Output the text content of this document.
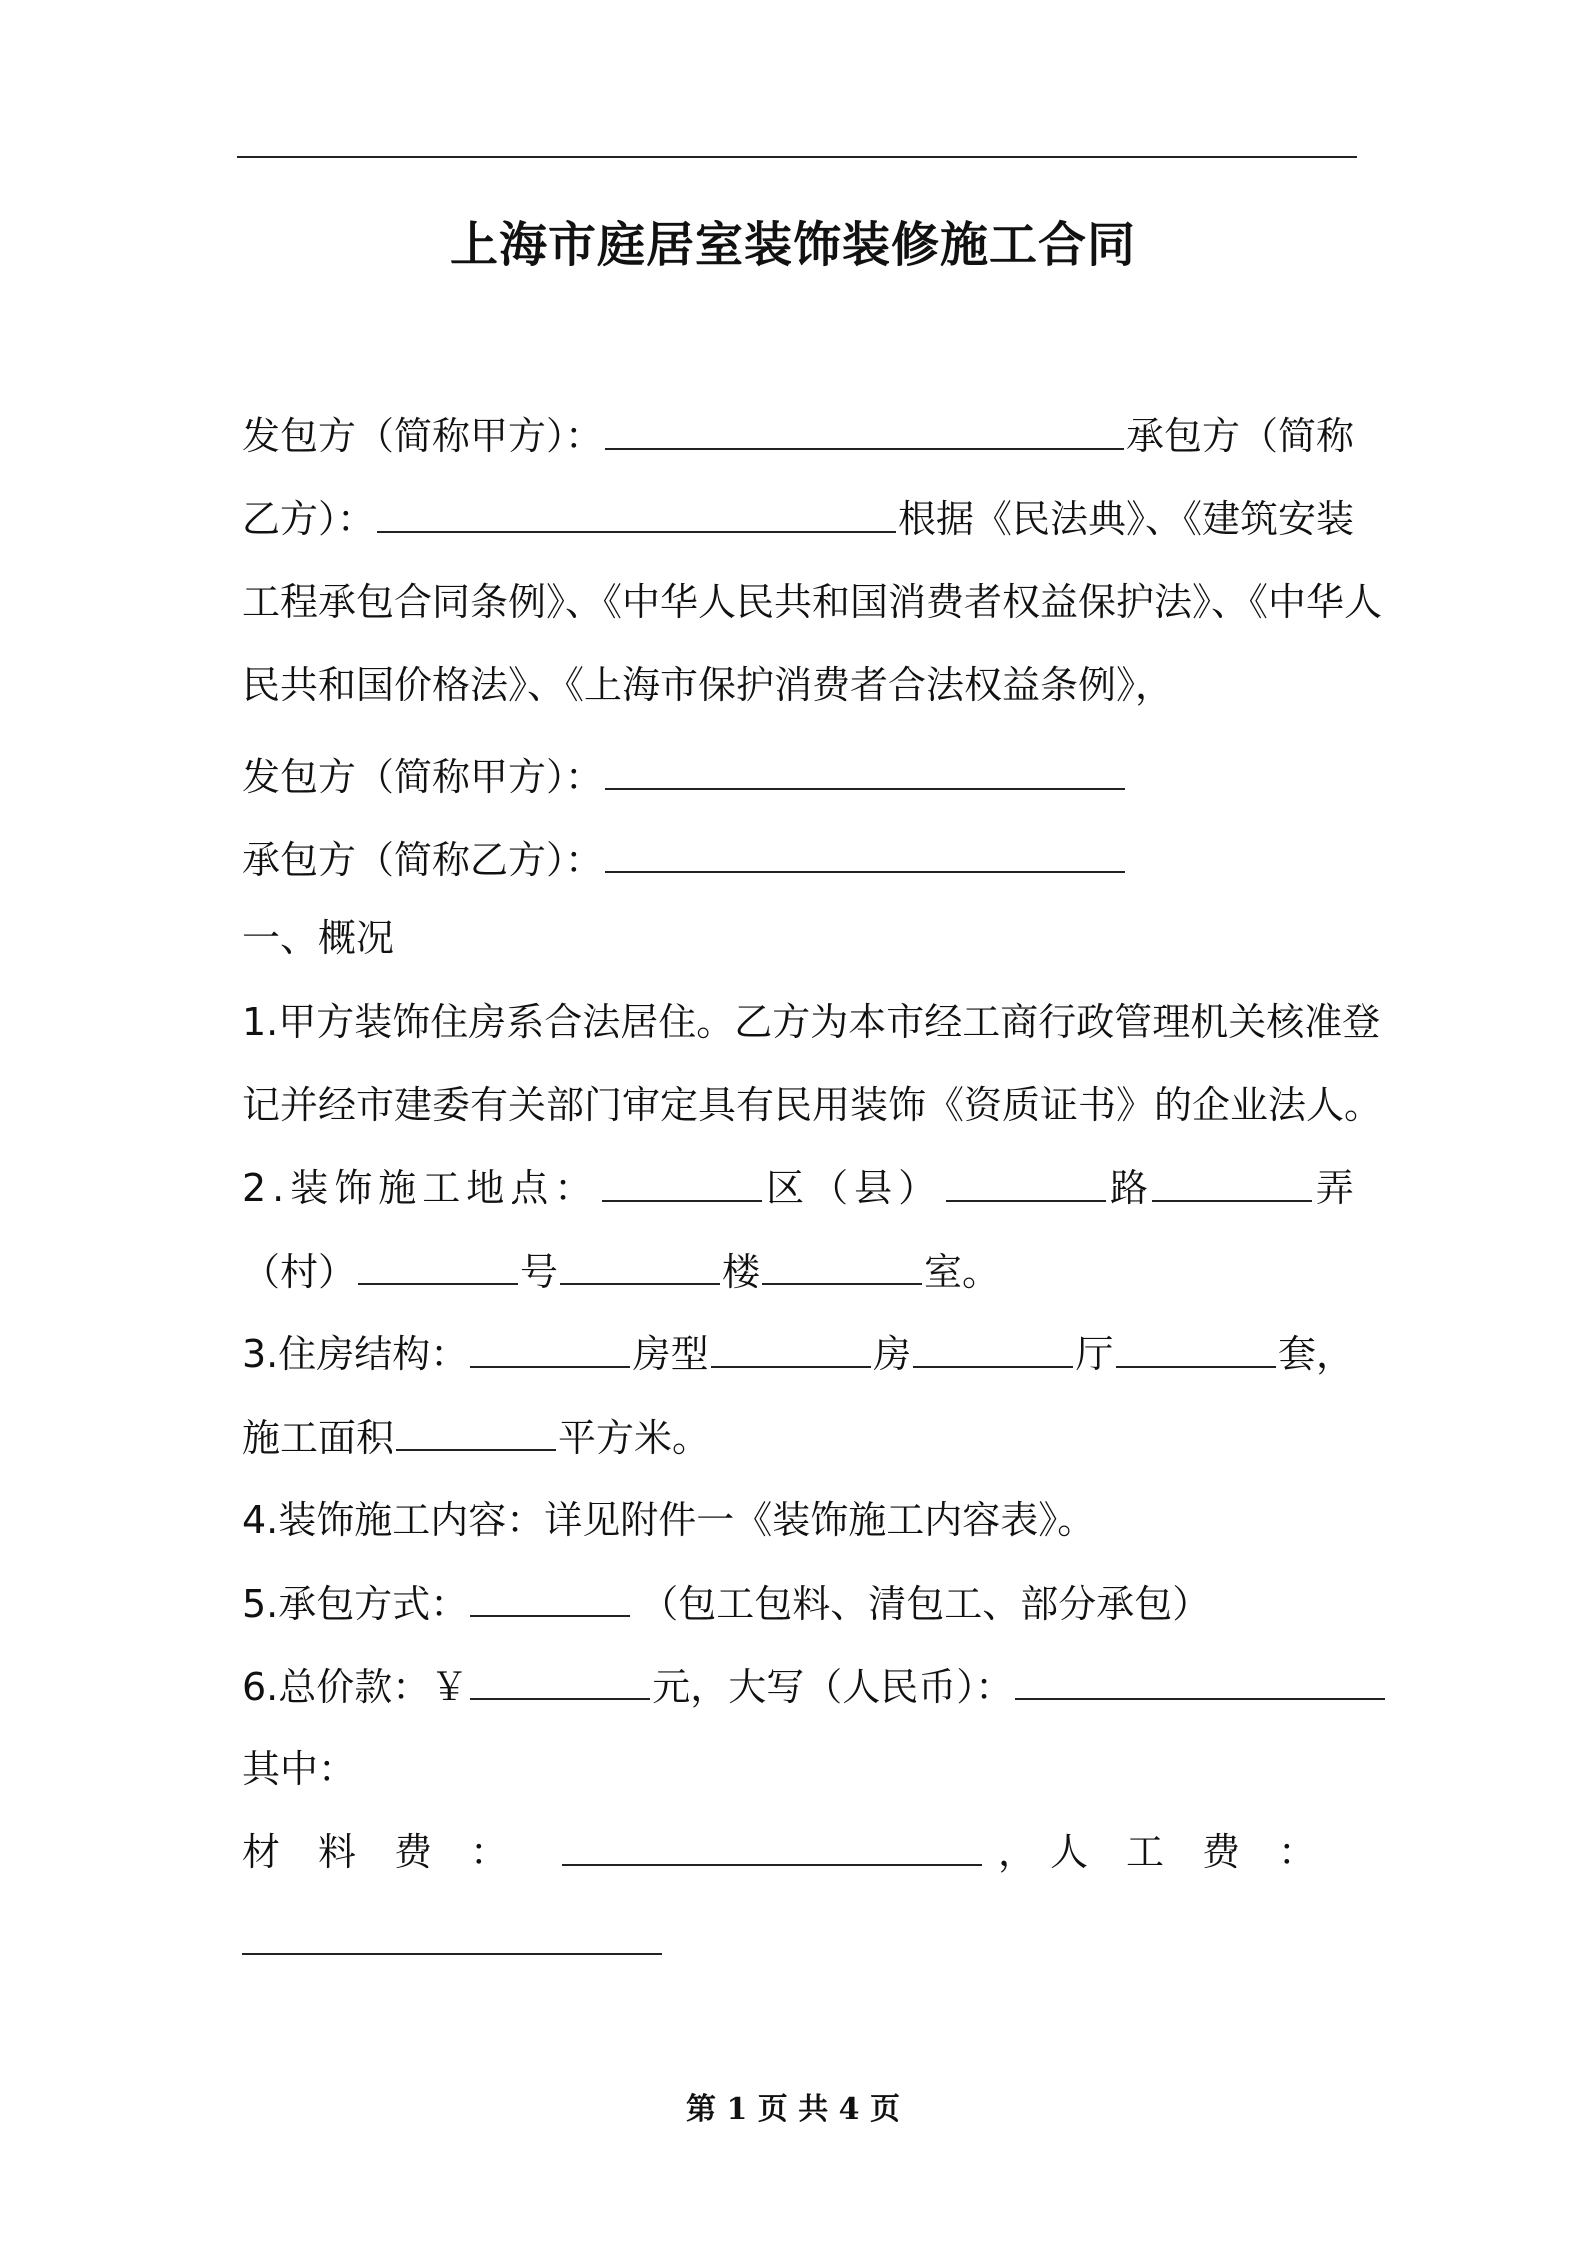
上海市庭居室装饰装修施工合同
发包方（简称甲方）：	承包方（简称
乙方）：	根据《民法典》、《建筑安装
工程承包合同条例》、《中华人民共和国消费者权益保护法》、《中华人
民共和国价格法》、《上海市保护消费者合法权益条例》，
发包方（简称甲方）：
承包方（简称乙方）：
一、概况
1.甲方装饰住房系合法居住。乙方为本市经工商行政管理机关核准登
记并经市建委有关部门审定具有民用装饰《资质证书》的企业法人。
2.装饰施工地点：	区（县）	路	弄
（村）	号	楼	室。
3.住房结构：	房型	房	厅	套，
施工面积	平方米。
4.装饰施工内容：详见附件一《装饰施工内容表》。
5.承包方式：	（包工包料、清包工、部分承包）
6.总价款：￥	元，大写（人民币）：
其中：
材料费：	， 人工费：
第 1 页 共 4 页
